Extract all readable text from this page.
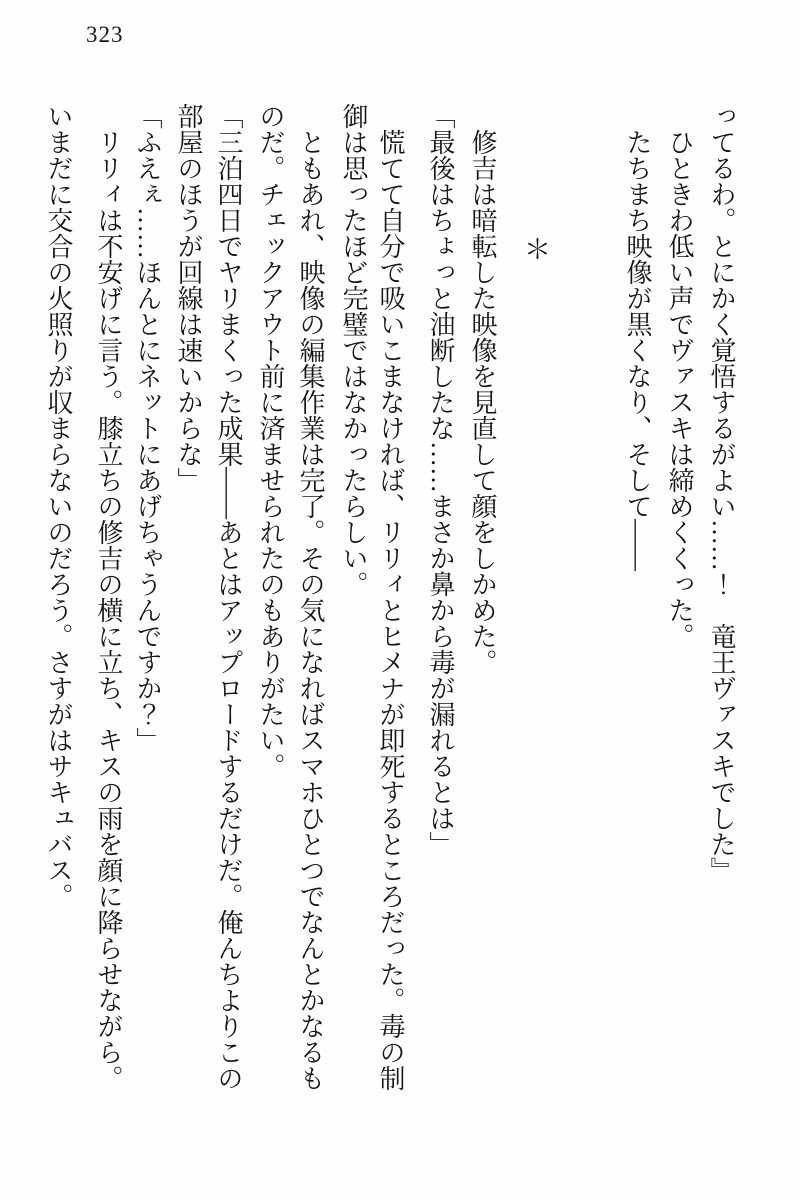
323
＊	ってるわ。とにかく覚悟するがよい……！　竜王ヴァスキでした』
　ひときわ低い声でヴァスキは締めくくった。
　たちまち映像が黒くなり、そして――
　修吉は暗転した映像を見直して顔をしかめた。
「最後はちょっと油断したな……まさか鼻から毒が漏れるとは」
　慌てて自分で吸いこまなければ、リリィとヒメナが即死するところだった。毒の制
御は思ったほど完璧ではなかったらしい。
　ともあれ、映像の編集作業は完了。その気になればスマホひとつでなんとかなるも
のだ。チェックアウト前に済ませられたのもありがたい。
「三泊四日でヤリまくった成果――あとはアップロードするだけだ。俺んちよりこの
部屋のほうが回線は速いからな」
「ふえぇ……ほんとにネットにあげちゃうんですか？」
　リリィは不安げに言う。膝立ちの修吉の横に立ち、キスの雨を顔に降らせながら。
いまだに交合の火照りが収まらないのだろう。さすがはサキュバス。
